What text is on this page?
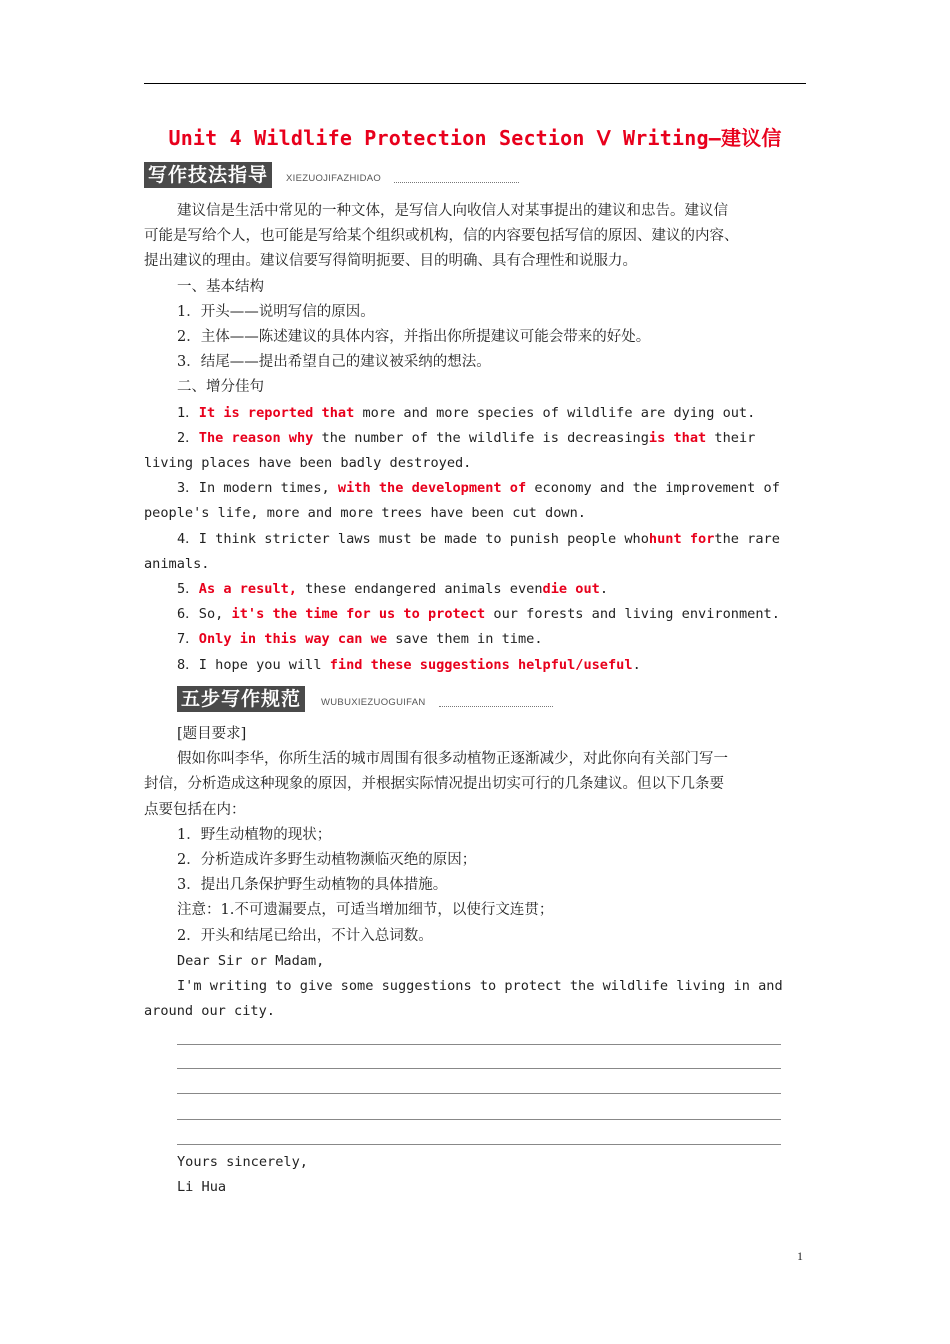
Unit 4 Wildlife Protection Section Ⅴ Writing—建议信
写作技法指导 XIEZUOJIFAZHIDAO
建议信是生活中常见的一种文体，是写信人向收信人对某事提出的建议和忠告。建议信
可能是写给个人，也可能是写给某个组织或机构，信的内容要包括写信的原因、建议的内容、
提出建议的理由。建议信要写得简明扼要、目的明确、具有合理性和说服力。
一、基本结构
1．开头——说明写信的原因。
2．主体——陈述建议的具体内容，并指出你所提建议可能会带来的好处。
3．结尾——提出希望自己的建议被采纳的想法。
二、增分佳句
1．It is reported that more and more species of wildlife are dying out.
2．The reason why the number of the wildlife is decreasingis that their
living places have been badly destroyed.
3．In modern times, with the development of economy and the improvement of
people's life, more and more trees have been cut down.
4．I think stricter laws must be made to punish people whohunt forthe rare
animals.
5．As a result, these endangered animals evendie out.
6．So, it's the time for us to protect our forests and living environment.
7．Only in this way can we save them in time.
8．I hope you will find these suggestions helpful/useful.
五步写作规范 WUBUXIEZUOGUIFAN
[题目要求]
假如你叫李华，你所生活的城市周围有很多动植物正逐渐减少，对此你向有关部门写一
封信，分析造成这种现象的原因，并根据实际情况提出切实可行的几条建议。但以下几条要
点要包括在内：
1．野生动植物的现状；
2．分析造成许多野生动植物濒临灭绝的原因；
3．提出几条保护野生动植物的具体措施。
注意：1.不可遗漏要点，可适当增加细节，以使行文连贯；
2．开头和结尾已给出，不计入总词数。
Dear Sir or Madam,
I'm writing to give some suggestions to protect the wildlife living in and
around our city.
Yours sincerely,
Li Hua
1
